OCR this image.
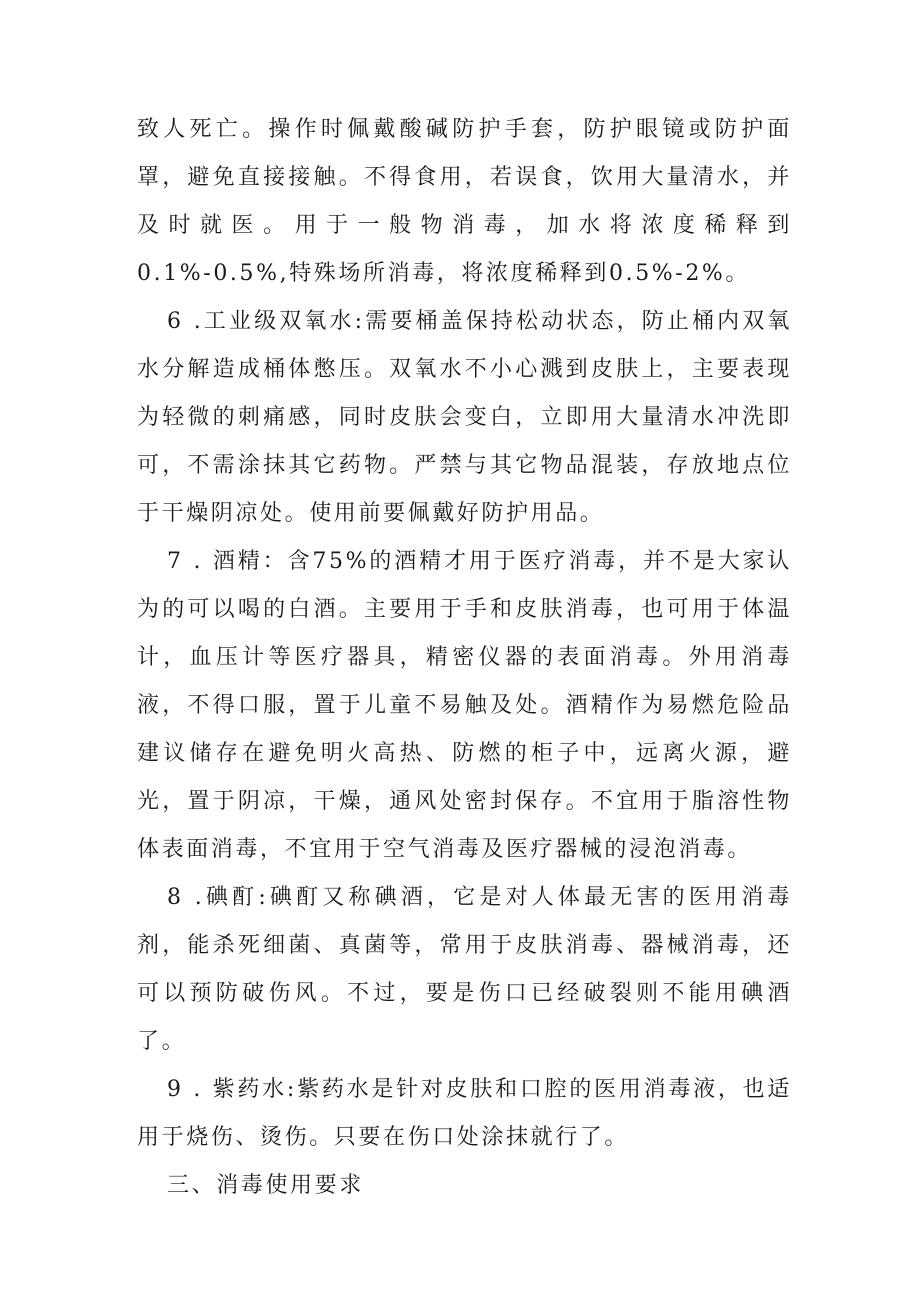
致人死亡。操作时佩戴酸碱防护手套，防护眼镜或防护面罩，避免直接接触。不得食用，若误食，饮用大量清水，并及时就医。用于一般物消毒，加水将浓度稀释到0.1%-0.5%,特殊场所消毒，将浓度稀释到0.5%-2%。

6 .工业级双氧水:需要桶盖保持松动状态，防止桶内双氧水分解造成桶体憋压。双氧水不小心溅到皮肤上，主要表现为轻微的刺痛感，同时皮肤会变白，立即用大量清水冲洗即可，不需涂抹其它药物。严禁与其它物品混装，存放地点位于干燥阴凉处。使用前要佩戴好防护用品。

7 . 酒精：含75%的酒精才用于医疗消毒，并不是大家认为的可以喝的白酒。主要用于手和皮肤消毒，也可用于体温计，血压计等医疗器具，精密仪器的表面消毒。外用消毒液，不得口服，置于儿童不易触及处。酒精作为易燃危险品建议储存在避免明火高热、防燃的柜子中，远离火源，避光，置于阴凉，干燥，通风处密封保存。不宜用于脂溶性物体表面消毒，不宜用于空气消毒及医疗器械的浸泡消毒。

8 .碘酊:碘酊又称碘酒，它是对人体最无害的医用消毒剂，能杀死细菌、真菌等，常用于皮肤消毒、器械消毒，还可以预防破伤风。不过，要是伤口已经破裂则不能用碘酒了。

9 . 紫药水:紫药水是针对皮肤和口腔的医用消毒液，也适用于烧伤、烫伤。只要在伤口处涂抹就行了。

三、消毒使用要求
